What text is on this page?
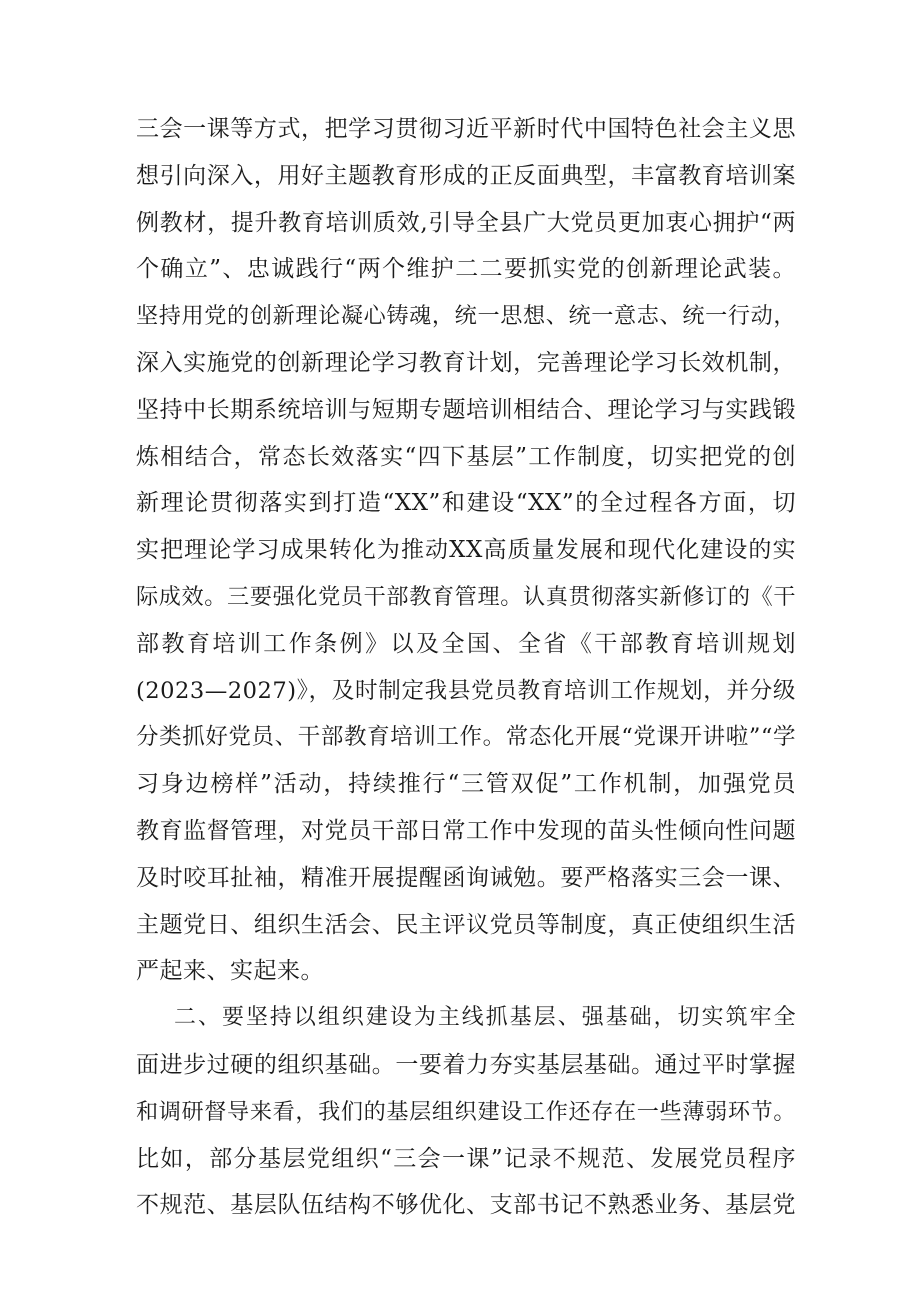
三会一课等方式，把学习贯彻习近平新时代中国特色社会主义思
想引向深入，用好主题教育形成的正反面典型，丰富教育培训案
例教材，提升教育培训质效,引导全县广大党员更加衷心拥护“两
个确立”、忠诚践行“两个维护二二要抓实党的创新理论武装。
坚持用党的创新理论凝心铸魂，统一思想、统一意志、统一行动，
深入实施党的创新理论学习教育计划，完善理论学习长效机制，
坚持中长期系统培训与短期专题培训相结合、理论学习与实践锻
炼相结合，常态长效落实“四下基层”工作制度，切实把党的创
新理论贯彻落实到打造“XX”和建设“XX”的全过程各方面，切
实把理论学习成果转化为推动XX高质量发展和现代化建设的实
际成效。三要强化党员干部教育管理。认真贯彻落实新修订的《干
部教育培训工作条例》以及全国、全省《干部教育培训规划
(2023—2027)》，及时制定我县党员教育培训工作规划，并分级
分类抓好党员、干部教育培训工作。常态化开展“党课开讲啦”“学
习身边榜样”活动，持续推行“三管双促”工作机制，加强党员
教育监督管理，对党员干部日常工作中发现的苗头性倾向性问题
及时咬耳扯袖，精准开展提醒函询诫勉。要严格落实三会一课、
主题党日、组织生活会、民主评议党员等制度，真正使组织生活
严起来、实起来。
二、要坚持以组织建设为主线抓基层、强基础，切实筑牢全
面进步过硬的组织基础。一要着力夯实基层基础。通过平时掌握
和调研督导来看，我们的基层组织建设工作还存在一些薄弱环节。
比如，部分基层党组织“三会一课”记录不规范、发展党员程序
不规范、基层队伍结构不够优化、支部书记不熟悉业务、基层党
